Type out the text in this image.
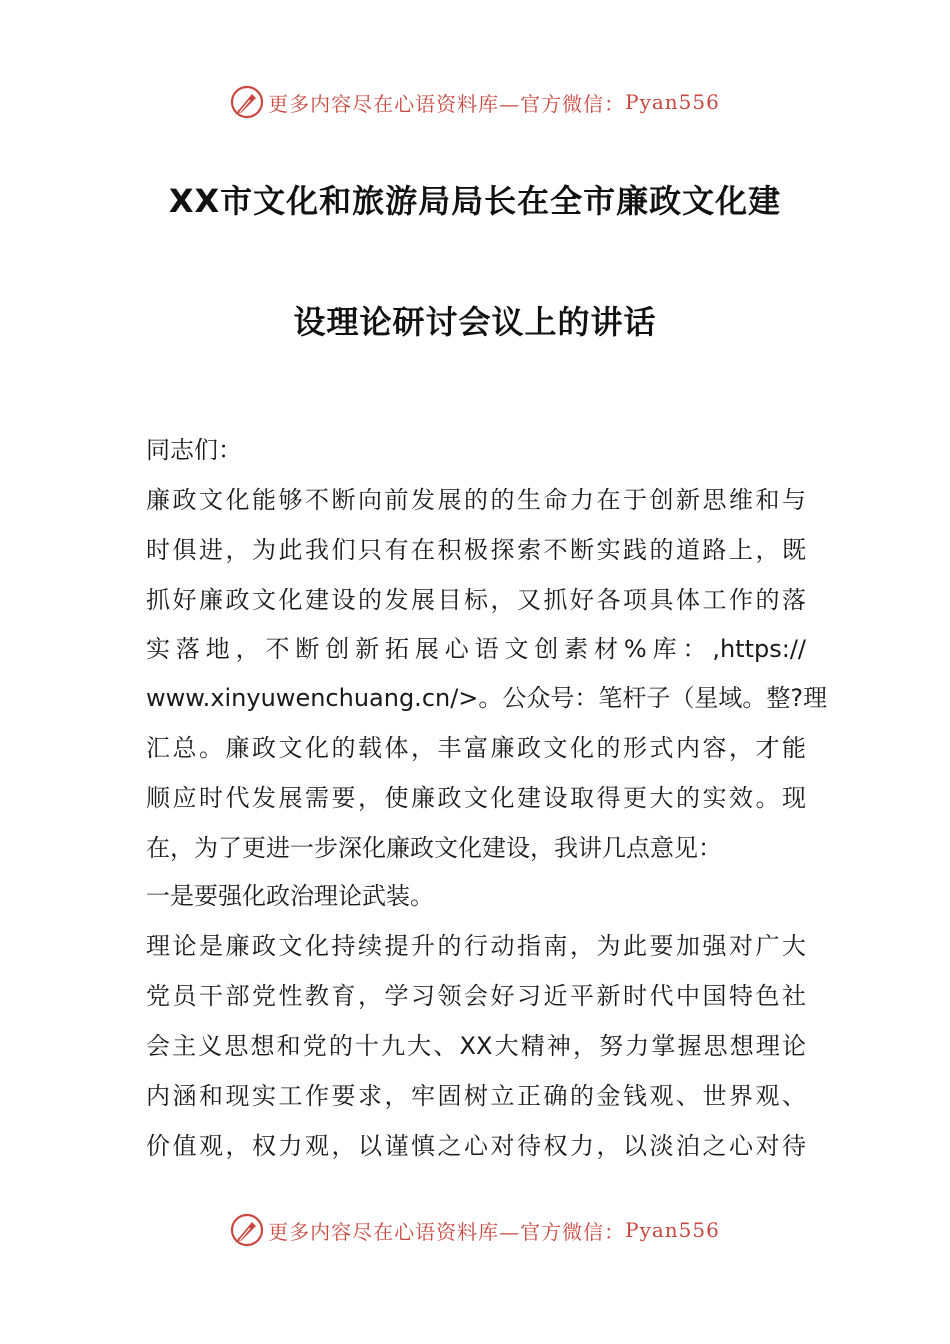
更多内容尽在心语资料库—官方微信： Pyan556
XX市文化和旅游局局长在全市廉政文化建
设理论研讨会议上的讲话
同志们：
廉政文化能够不断向前发展的的生命力在于创新思维和与
时俱进，为此我们只有在积极探索不断实践的道路上，既
抓好廉政文化建设的发展目标，又抓好各项具体工作的落
实落地，不断创新拓展心语文创素材%库：,https://
www.xinyuwenchuang.cn/>。公众号：笔杆子（星域。整?理
汇总。廉政文化的载体，丰富廉政文化的形式内容，才能
顺应时代发展需要，使廉政文化建设取得更大的实效。现
在，为了更进一步深化廉政文化建设，我讲几点意见：
一是要强化政治理论武装。
理论是廉政文化持续提升的行动指南，为此要加强对广大
党员干部党性教育，学习领会好习近平新时代中国特色社
会主义思想和党的十九大、XX大精神，努力掌握思想理论
内涵和现实工作要求，牢固树立正确的金钱观、世界观、
价值观，权力观，以谨慎之心对待权力，以淡泊之心对待
更多内容尽在心语资料库—官方微信： Pyan556
